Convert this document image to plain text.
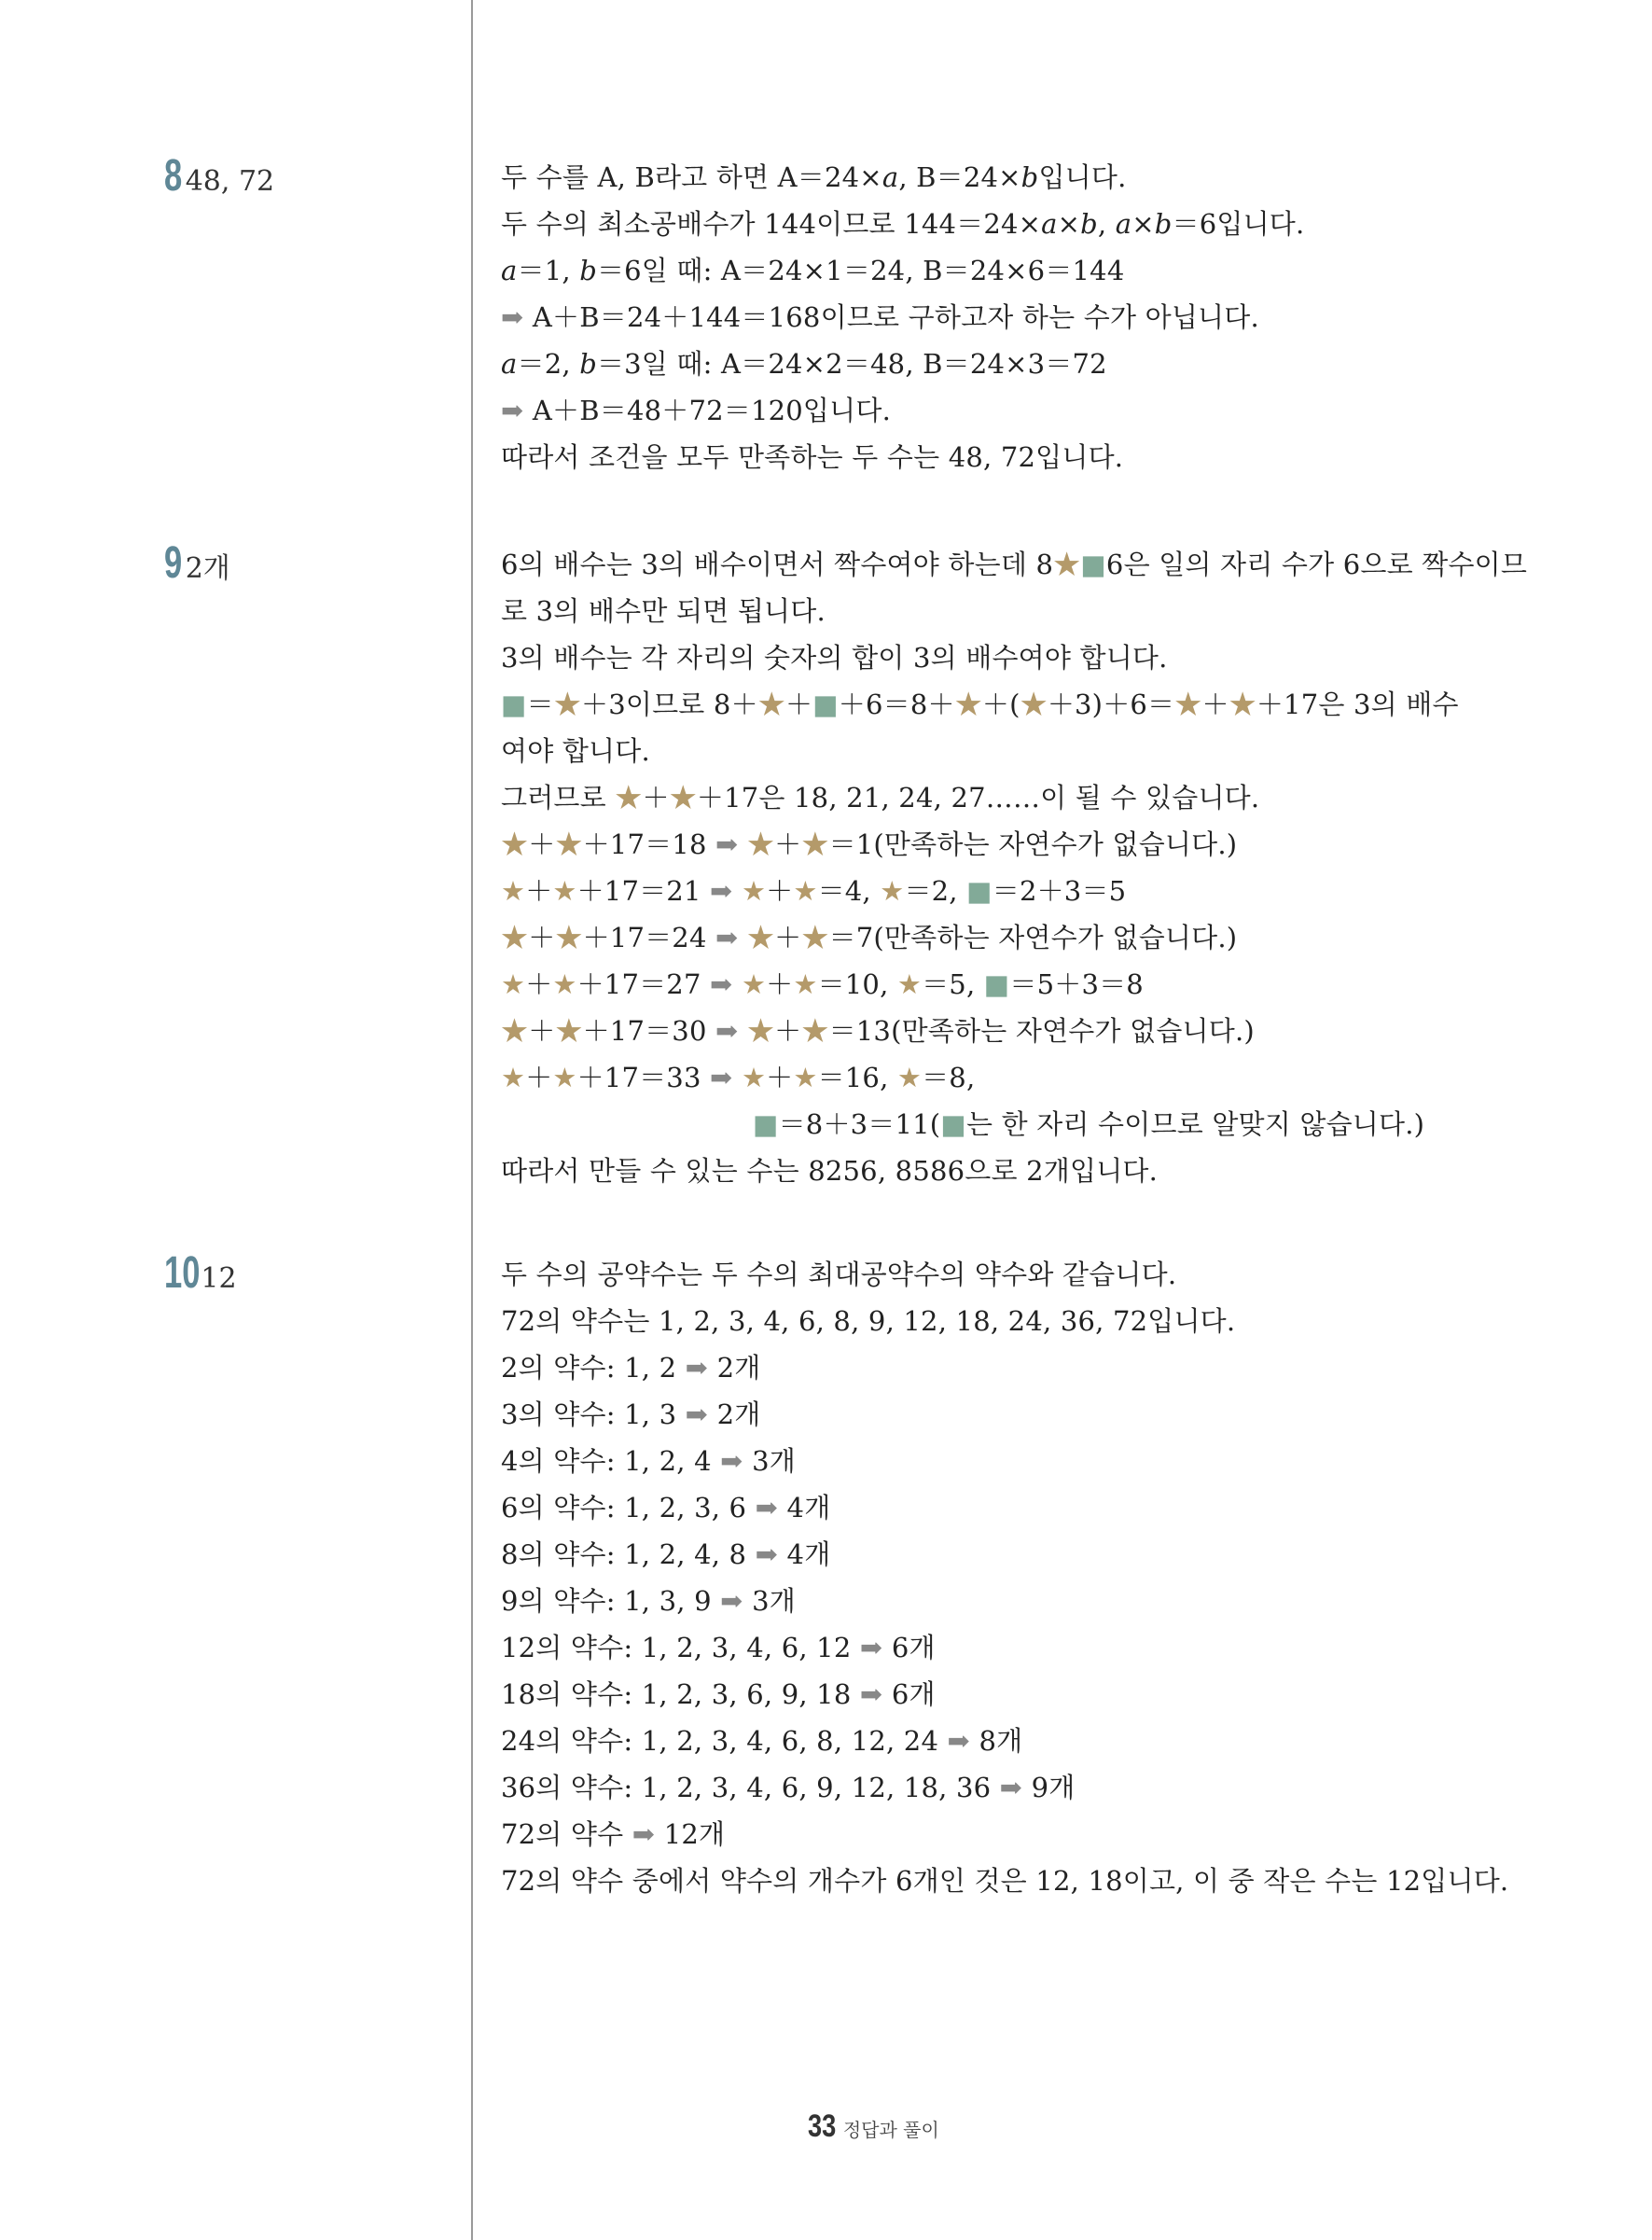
8 48, 72	두 수를 A, B라고 하면 A＝24×a, B＝24×b입니다.
두 수의 최소공배수가 144이므로 144＝24×a×b, a×b＝6입니다.
a＝1, b＝6일 때: A＝24×1＝24, B＝24×6＝144
➡ A＋B＝24＋144＝168이므로 구하고자 하는 수가 아닙니다.
a＝2, b＝3일 때: A＝24×2＝48, B＝24×3＝72
➡ A＋B＝48＋72＝120입니다.
따라서 조건을 모두 만족하는 두 수는 48, 72입니다.
9 2개	6의 배수는 3의 배수이면서 짝수여야 하는데 8★■6은 일의 자리 수가 6으로 짝수이므
로 3의 배수만 되면 됩니다.
3의 배수는 각 자리의 숫자의 합이 3의 배수여야 합니다.
■＝★＋3이므로 8＋★＋■＋6＝8＋★＋(★＋3)＋6＝★＋★＋17은 3의 배수
여야 합니다.
그러므로 ★＋★＋17은 18, 21, 24, 27……이 될 수 있습니다.
★＋★＋17＝18 ➡ ★＋★＝1(만족하는 자연수가 없습니다.)
★＋★＋17＝21 ➡ ★＋★＝4, ★＝2, ■＝2＋3＝5
★＋★＋17＝24 ➡ ★＋★＝7(만족하는 자연수가 없습니다.)
★＋★＋17＝27 ➡ ★＋★＝10, ★＝5, ■＝5＋3＝8
★＋★＋17＝30 ➡ ★＋★＝13(만족하는 자연수가 없습니다.)
★＋★＋17＝33 ➡ ★＋★＝16, ★＝8,
■＝8＋3＝11(■는 한 자리 수이므로 알맞지 않습니다.)
따라서 만들 수 있는 수는 8256, 8586으로 2개입니다.
10 12	두 수의 공약수는 두 수의 최대공약수의 약수와 같습니다.
72의 약수는 1, 2, 3, 4, 6, 8, 9, 12, 18, 24, 36, 72입니다.
2의 약수: 1, 2 ➡ 2개
3의 약수: 1, 3 ➡ 2개
4의 약수: 1, 2, 4 ➡ 3개
6의 약수: 1, 2, 3, 6 ➡ 4개
8의 약수: 1, 2, 4, 8 ➡ 4개
9의 약수: 1, 3, 9 ➡ 3개
12의 약수: 1, 2, 3, 4, 6, 12 ➡ 6개
18의 약수: 1, 2, 3, 6, 9, 18 ➡ 6개
24의 약수: 1, 2, 3, 4, 6, 8, 12, 24 ➡ 8개
36의 약수: 1, 2, 3, 4, 6, 9, 12, 18, 36 ➡ 9개
72의 약수 ➡ 12개
72의 약수 중에서 약수의 개수가 6개인 것은 12, 18이고, 이 중 작은 수는 12입니다.
33 정답과 풀이
